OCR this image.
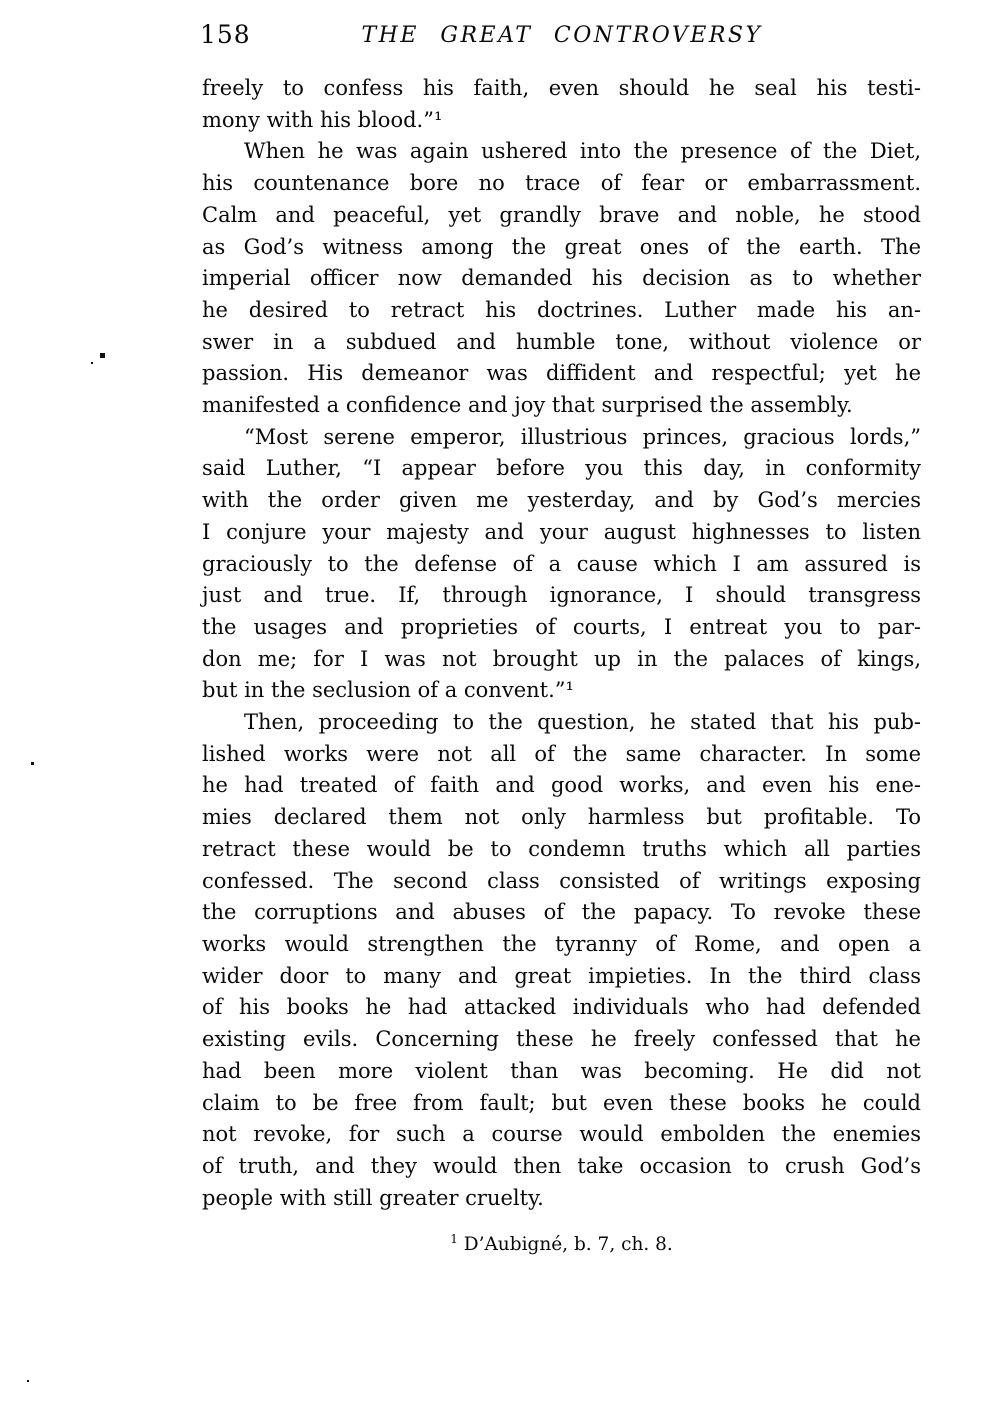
158	THE GREAT CONTROVERSY
freely to confess his faith, even should he seal his testi-
mony with his blood.”¹
When he was again ushered into the presence of the Diet,
his countenance bore no trace of fear or embarrassment.
Calm and peaceful, yet grandly brave and noble, he stood
as God’s witness among the great ones of the earth. The
imperial officer now demanded his decision as to whether
he desired to retract his doctrines. Luther made his an-
swer in a subdued and humble tone, without violence or
passion. His demeanor was diffident and respectful; yet he
manifested a confidence and joy that surprised the assembly.
“Most serene emperor, illustrious princes, gracious lords,”
said Luther, “I appear before you this day, in conformity
with the order given me yesterday, and by God’s mercies
I conjure your majesty and your august highnesses to listen
graciously to the defense of a cause which I am assured is
just and true. If, through ignorance, I should transgress
the usages and proprieties of courts, I entreat you to par-
don me; for I was not brought up in the palaces of kings,
but in the seclusion of a convent.”¹
Then, proceeding to the question, he stated that his pub-
lished works were not all of the same character. In some
he had treated of faith and good works, and even his ene-
mies declared them not only harmless but profitable. To
retract these would be to condemn truths which all parties
confessed. The second class consisted of writings exposing
the corruptions and abuses of the papacy. To revoke these
works would strengthen the tyranny of Rome, and open a
wider door to many and great impieties. In the third class
of his books he had attacked individuals who had defended
existing evils. Concerning these he freely confessed that he
had been more violent than was becoming. He did not
claim to be free from fault; but even these books he could
not revoke, for such a course would embolden the enemies
of truth, and they would then take occasion to crush God’s
people with still greater cruelty.
$^1$ D’Aubigné, b. 7, ch. 8.
